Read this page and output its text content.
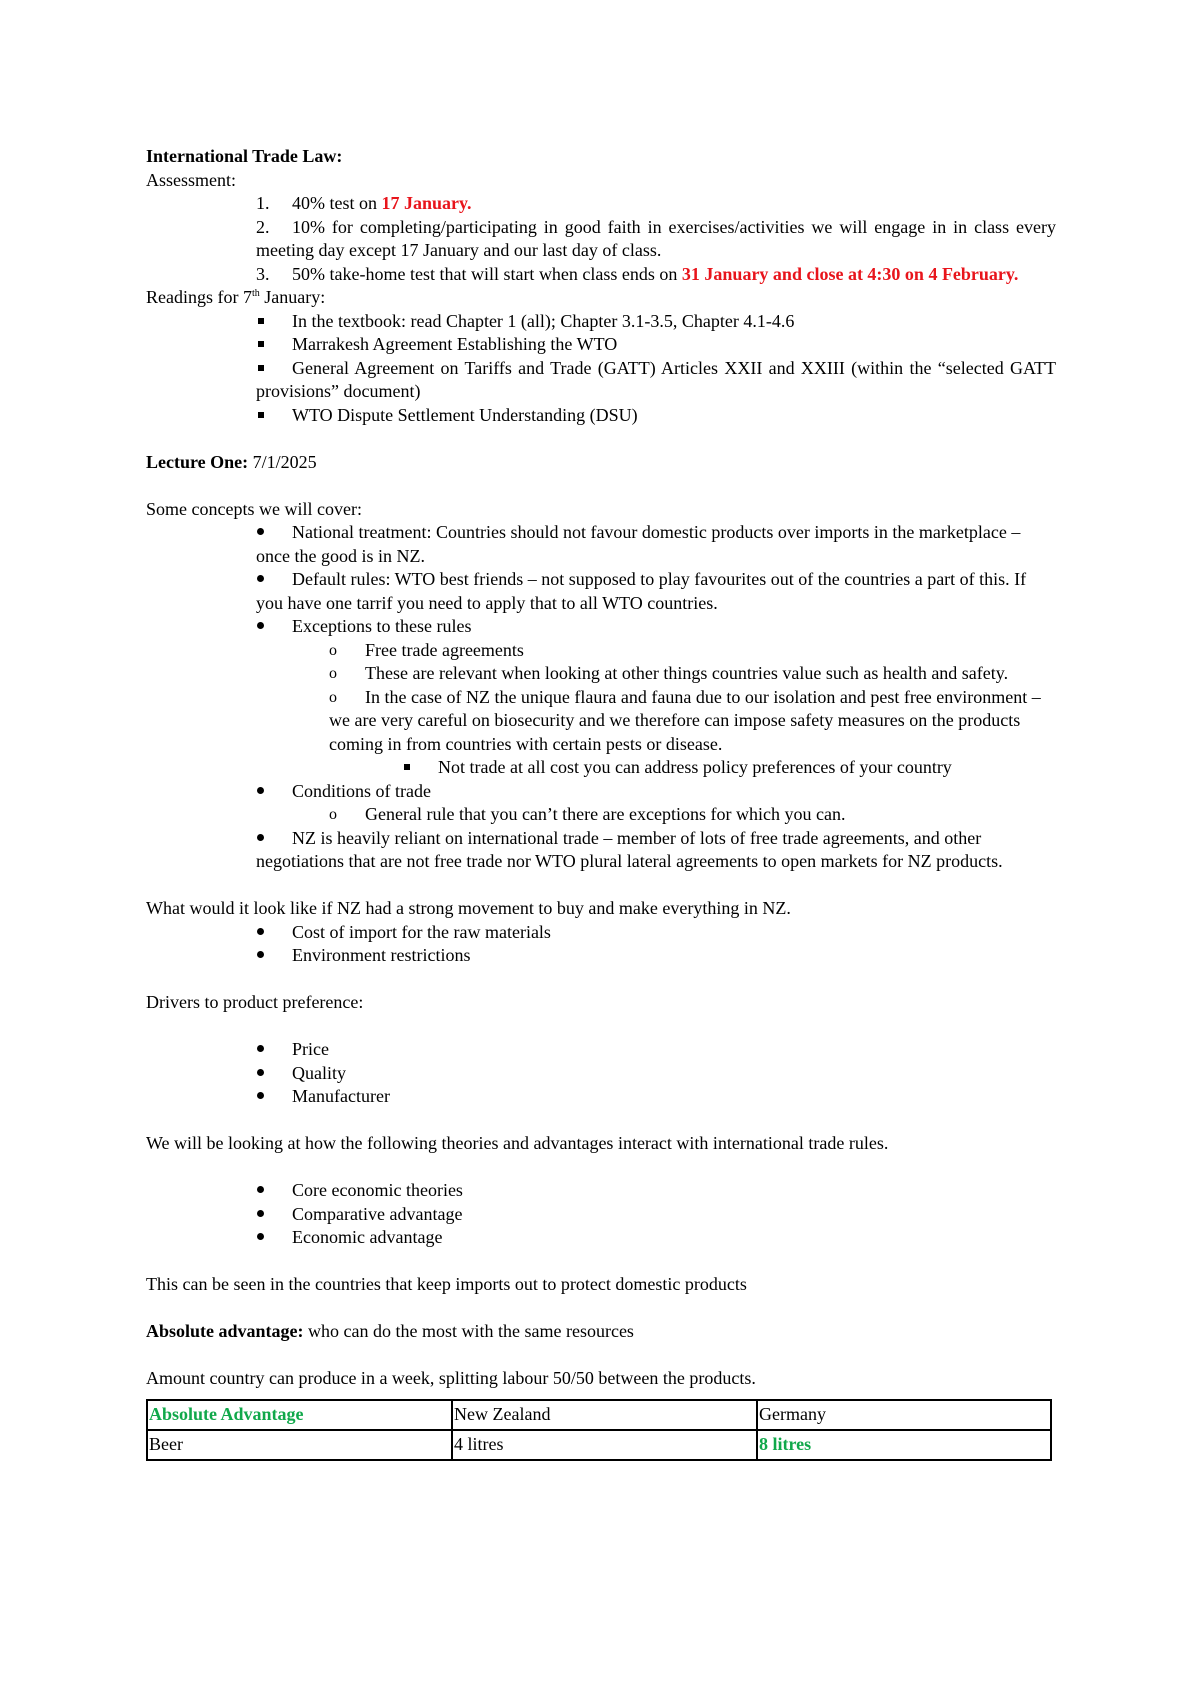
International Trade Law:

Assessment:

1.	40% test on 17 January.
2.	10% for completing/participating in good faith in exercises/activities we will engage in in class every meeting day except 17 January and our last day of class.
3.	50% take-home test that will start when class ends on 31 January and close at 4:30 on 4 February.

Readings for 7th January:

In the textbook: read Chapter 1 (all); Chapter 3.1-3.5, Chapter 4.1-4.6
Marrakesh Agreement Establishing the WTO
General Agreement on Tariffs and Trade (GATT) Articles XXII and XXIII (within the “selected GATT provisions” document)
WTO Dispute Settlement Understanding (DSU)

Lecture One: 7/1/2025

Some concepts we will cover:

National treatment: Countries should not favour domestic products over imports in the marketplace – once the good is in NZ.
Default rules: WTO best friends – not supposed to play favourites out of the countries a part of this. If you have one tarrif you need to apply that to all WTO countries.
Exceptions to these rules
o	Free trade agreements
o	These are relevant when looking at other things countries value such as health and safety.
o	In the case of NZ the unique flaura and fauna due to our isolation and pest free environment – we are very careful on biosecurity and we therefore can impose safety measures on the products coming in from countries with certain pests or disease.
Not trade at all cost you can address policy preferences of your country
Conditions of trade
o	General rule that you can’t there are exceptions for which you can.
NZ is heavily reliant on international trade – member of lots of free trade agreements, and other negotiations that are not free trade nor WTO plural lateral agreements to open markets for NZ products.

What would it look like if NZ had a strong movement to buy and make everything in NZ.

Cost of import for the raw materials
Environment restrictions

Drivers to product preference:

Price
Quality
Manufacturer

We will be looking at how the following theories and advantages interact with international trade rules.

Core economic theories
Comparative advantage
Economic advantage

This can be seen in the countries that keep imports out to protect domestic products

Absolute advantage: who can do the most with the same resources

Amount country can produce in a week, splitting labour 50/50 between the products.

Absolute Advantage	New Zealand	Germany
Beer	4 litres	8 litres
